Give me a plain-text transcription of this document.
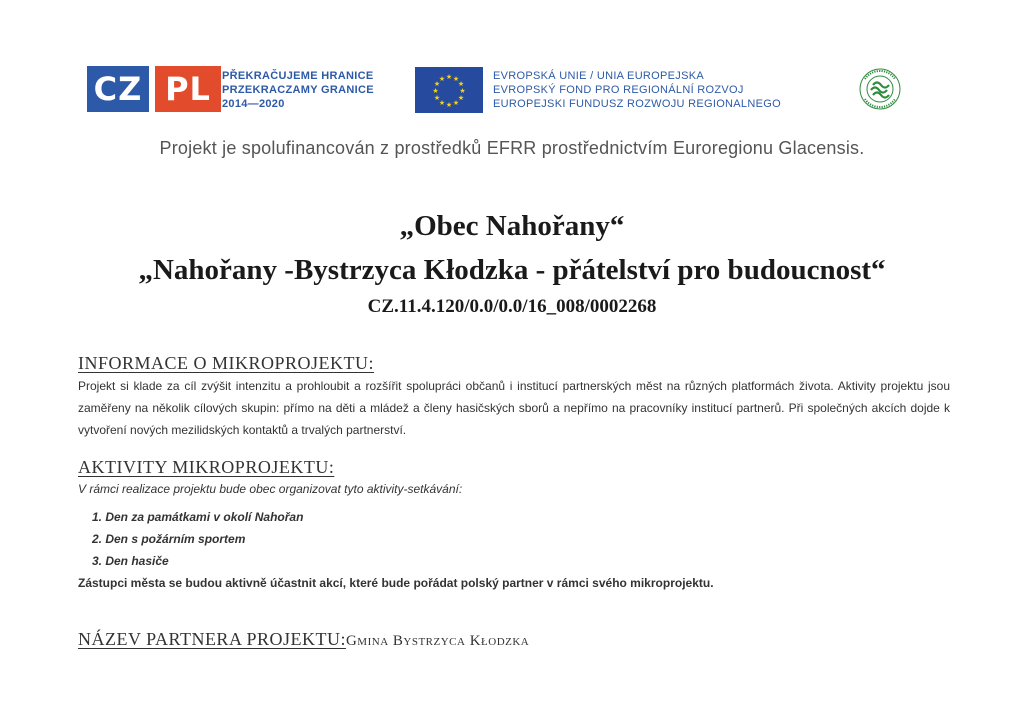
CZ PL	PŘEKRAČUJEME HRANICE
PRZEKRACZAMY GRANICE
2014—2020
★ ★
★
★
★
★
★
★
★
★
★
★	EVROPSKÁ UNIE / UNIA EUROPEJSKA
EVROPSKÝ FOND PRO REGIONÁLNÍ ROZVOJ
EUROPEJSKI FUNDUSZ ROZWOJU REGIONALNEGO
Projekt je spolufinancován z prostředků EFRR prostřednictvím Euroregionu Glacensis.
„Obec Nahořany“
„Nahořany -Bystrzyca Kłodzka - přátelství pro budoucnost“
CZ.11.4.120/0.0/0.0/16_008/0002268
INFORMACE O MIKROPROJEKTU:
Projekt si klade za cíl zvýšit intenzitu a prohloubit a rozšířit spolupráci občanů i institucí partnerských měst na různých platformách života. Aktivity projektu jsou zaměřeny na několik cílových skupin: přímo na děti a mládež a členy hasičských sborů a nepřímo na pracovníky institucí partnerů. Při společných akcích dojde k vytvoření nových mezilidských kontaktů a trvalých partnerství.
AKTIVITY MIKROPROJEKTU:
V rámci realizace projektu bude obec organizovat tyto aktivity-setkávání:
1. Den za památkami v okolí Nahořan
2. Den s požárním sportem
3. Den hasiče
Zástupci města se budou aktivně účastnit akcí, které bude pořádat polský partner v rámci svého mikroprojektu.
NÁZEV PARTNERA PROJEKTU:Gmina Bystrzyca Kłodzka
